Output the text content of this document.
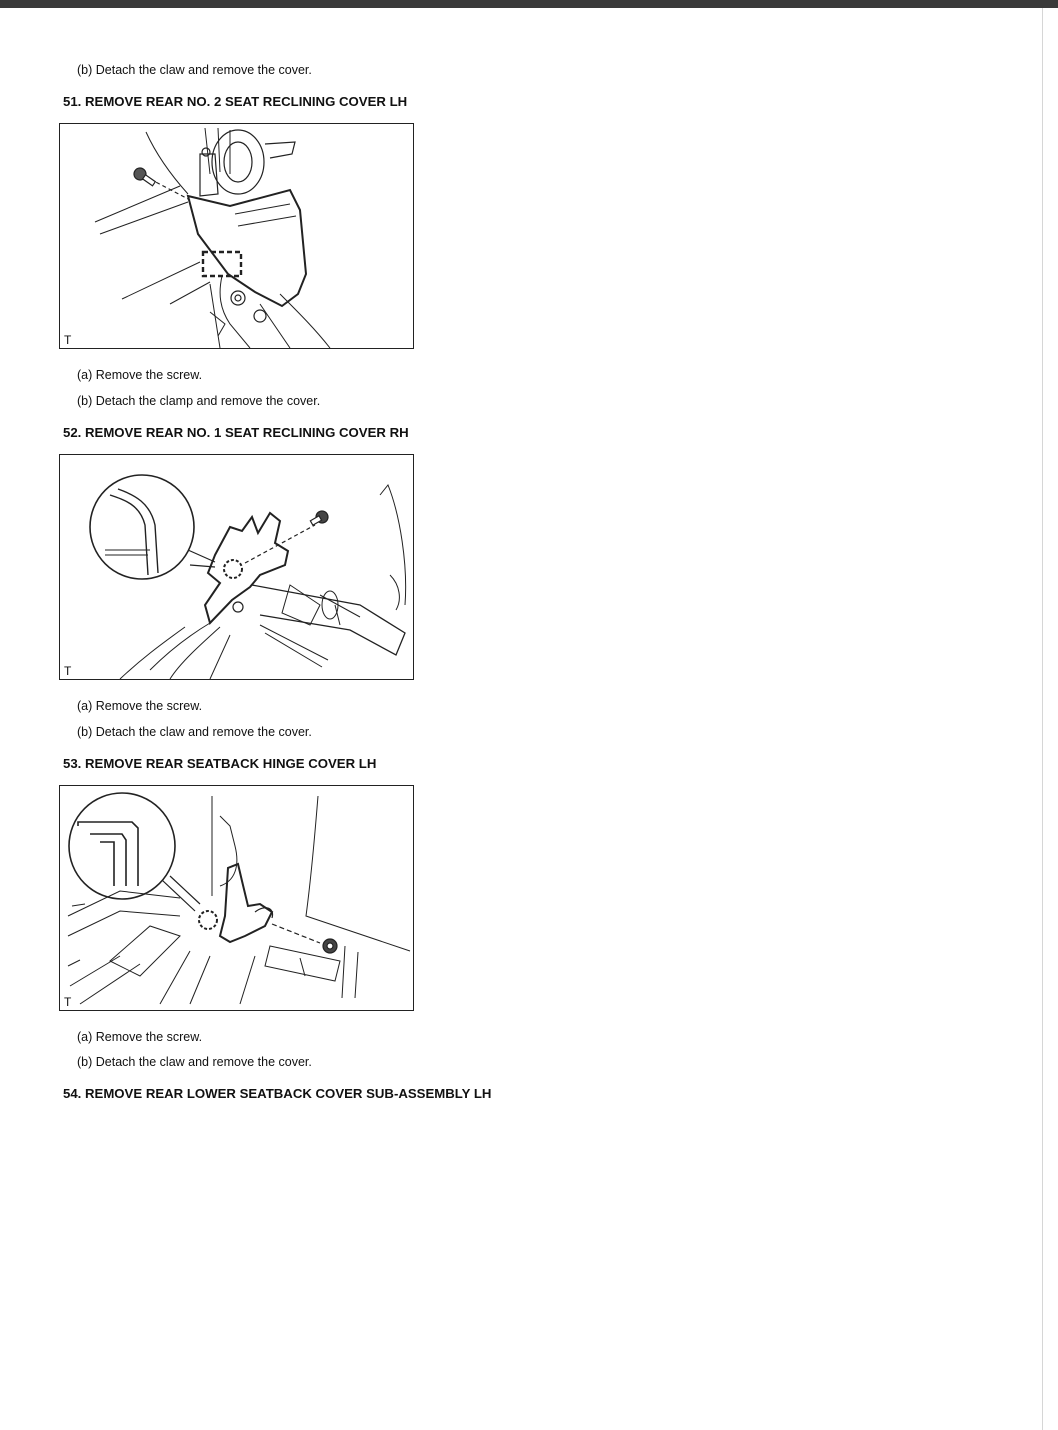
(b) Detach the claw and remove the cover.
51. REMOVE REAR NO. 2 SEAT RECLINING COVER LH
T
(a) Remove the screw.
(b) Detach the clamp and remove the cover.
52. REMOVE REAR NO. 1 SEAT RECLINING COVER RH
T
(a) Remove the screw.
(b) Detach the claw and remove the cover.
53. REMOVE REAR SEATBACK HINGE COVER LH
T
(a) Remove the screw.
(b) Detach the claw and remove the cover.
54. REMOVE REAR LOWER SEATBACK COVER SUB-ASSEMBLY LH
